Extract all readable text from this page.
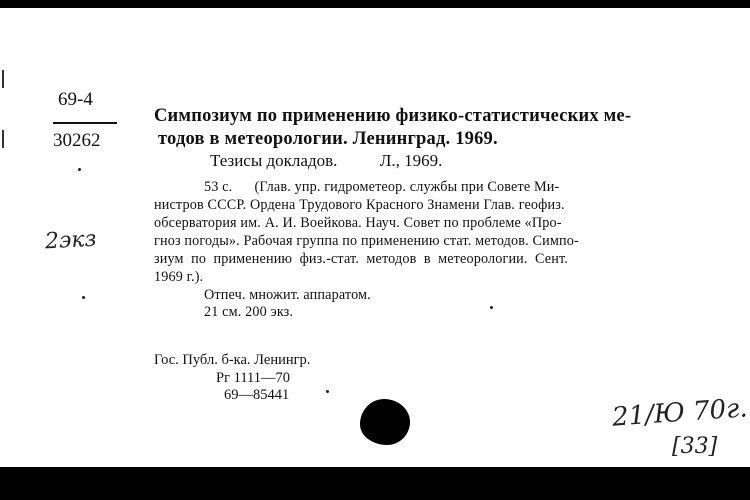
69-4
30262
2экз
Симпозиум по применению физико-статистических ме-
тодов в метеорологии. Ленинград. 1969.
Тезисы докладов.          Л., 1969.
53 с.      (Глав. упр. гидрометеор. службы при Совете Ми-
нистров СССР. Ордена Трудового Красного Знамени Глав. геофиз.
обсерватория им. А. И. Воейкова. Науч. Совет по проблеме «Про-
гноз погоды». Рабочая группа по применению стат. методов. Симпо-
зиум  по  применению  физ.-стат.  методов  в  метеорологии.  Сент.
1969 г.).
Отпеч. множит. аппаратом.
21 см. 200 экз.
Гос. Публ. б-ка. Ленингр.
Рг 1111—70
69—85441	21/Ю 70г.
[33]
